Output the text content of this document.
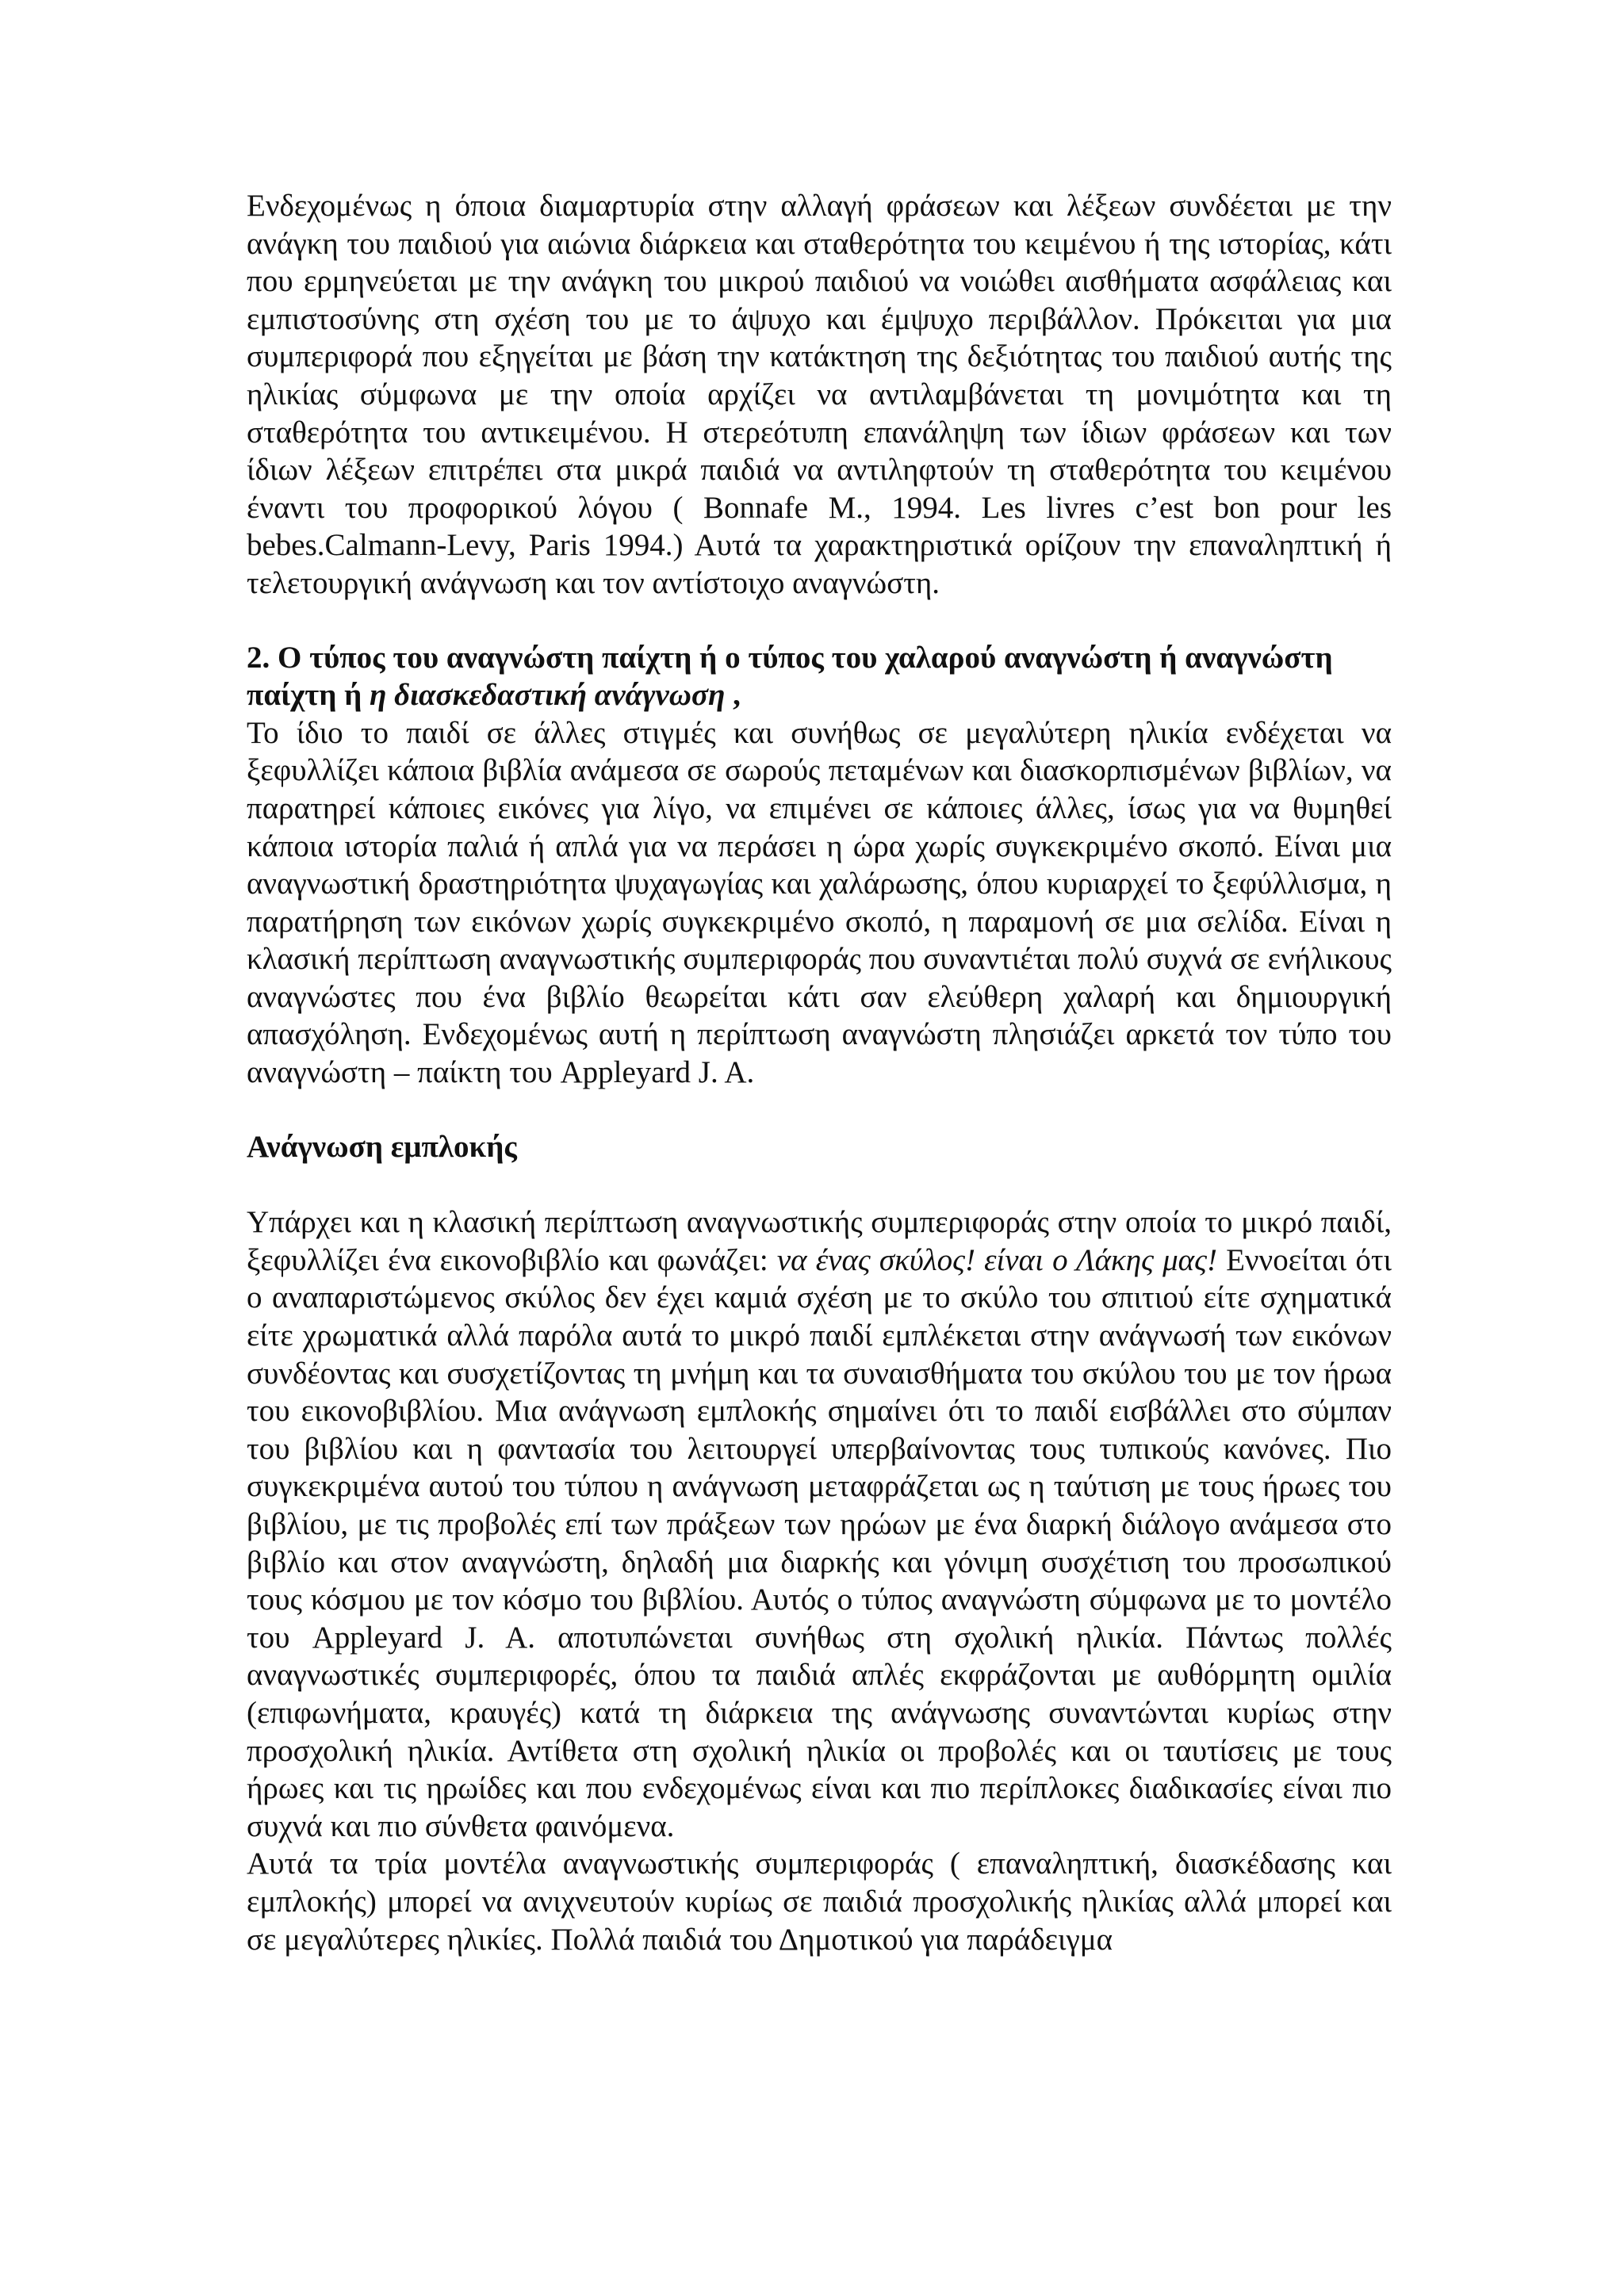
Ενδεχομένως η όποια διαμαρτυρία στην αλλαγή φράσεων και λέξεων συνδέεται με την ανάγκη του παιδιού για αιώνια διάρκεια και σταθερότητα του κειμένου ή της ιστορίας, κάτι που ερμηνεύεται με την ανάγκη του μικρού παιδιού να νοιώθει αισθήματα ασφάλειας και εμπιστοσύνης στη σχέση του με το άψυχο και έμψυχο περιβάλλον. Πρόκειται για μια συμπεριφορά που εξηγείται με βάση την κατάκτηση της δεξιότητας του παιδιού αυτής της ηλικίας σύμφωνα με την οποία αρχίζει να αντιλαμβάνεται τη μονιμότητα και τη σταθερότητα του αντικειμένου. Η στερεότυπη επανάληψη των ίδιων φράσεων και των ίδιων λέξεων επιτρέπει στα μικρά παιδιά να αντιληφτούν τη σταθερότητα του κειμένου έναντι του προφορικού λόγου ( Bonnafe M., 1994. Les livres c’est bon pour les bebes.Calmann-Levy, Paris 1994.) Αυτά τα χαρακτηριστικά ορίζουν την επαναληπτική ή τελετουργική ανάγνωση και τον αντίστοιχο αναγνώστη.

2. Ο τύπος του αναγνώστη παίχτη ή ο τύπος του χαλαρού αναγνώστη ή αναγνώστη παίχτη ή η διασκεδαστική ανάγνωση ,

Το ίδιο το παιδί σε άλλες στιγμές και συνήθως σε μεγαλύτερη ηλικία ενδέχεται να ξεφυλλίζει κάποια βιβλία ανάμεσα σε σωρούς πεταμένων και διασκορπισμένων βιβλίων, να παρατηρεί κάποιες εικόνες για λίγο, να επιμένει σε κάποιες άλλες, ίσως για να θυμηθεί κάποια ιστορία παλιά ή απλά για να περάσει η ώρα χωρίς συγκεκριμένο σκοπό. Είναι μια αναγνωστική δραστηριότητα ψυχαγωγίας και χαλάρωσης, όπου κυριαρχεί το ξεφύλλισμα, η παρατήρηση των εικόνων χωρίς συγκεκριμένο σκοπό, η παραμονή σε μια σελίδα. Είναι η κλασική περίπτωση αναγνωστικής συμπεριφοράς που συναντιέται πολύ συχνά σε ενήλικους αναγνώστες που ένα βιβλίο θεωρείται κάτι σαν ελεύθερη χαλαρή και δημιουργική απασχόληση. Ενδεχομένως αυτή η περίπτωση αναγνώστη πλησιάζει αρκετά τον τύπο του αναγνώστη – παίκτη του Appleyard J. A.

Ανάγνωση εμπλοκής

Υπάρχει και η κλασική περίπτωση αναγνωστικής συμπεριφοράς στην οποία το μικρό παιδί, ξεφυλλίζει ένα εικονοβιβλίο και φωνάζει: να ένας σκύλος! είναι ο Λάκης μας! Εννοείται ότι ο αναπαριστώμενος σκύλος δεν έχει καμιά σχέση με το σκύλο του σπιτιού είτε σχηματικά είτε χρωματικά αλλά παρόλα αυτά το μικρό παιδί εμπλέκεται στην ανάγνωσή των εικόνων συνδέοντας και συσχετίζοντας τη μνήμη και τα συναισθήματα του σκύλου του με τον ήρωα του εικονοβιβλίου. Μια ανάγνωση εμπλοκής σημαίνει ότι το παιδί εισβάλλει στο σύμπαν του βιβλίου και η φαντασία του λειτουργεί υπερβαίνοντας τους τυπικούς κανόνες. Πιο συγκεκριμένα αυτού του τύπου η ανάγνωση μεταφράζεται ως η ταύτιση με τους ήρωες του βιβλίου, με τις προβολές επί των πράξεων των ηρώων με ένα διαρκή διάλογο ανάμεσα στο βιβλίο και στον αναγνώστη, δηλαδή μια διαρκής και γόνιμη συσχέτιση του προσωπικού τους κόσμου με τον κόσμο του βιβλίου. Αυτός ο τύπος αναγνώστη σύμφωνα με το μοντέλο του Appleyard J. A. αποτυπώνεται συνήθως στη σχολική ηλικία. Πάντως πολλές αναγνωστικές συμπεριφορές, όπου τα παιδιά απλές εκφράζονται με αυθόρμητη ομιλία (επιφωνήματα, κραυγές) κατά τη διάρκεια της ανάγνωσης συναντώνται κυρίως στην προσχολική ηλικία. Αντίθετα στη σχολική ηλικία οι προβολές και οι ταυτίσεις με τους ήρωες και τις ηρωίδες και που ενδεχομένως είναι και πιο περίπλοκες διαδικασίες είναι πιο συχνά και πιο σύνθετα φαινόμενα.

Αυτά τα τρία μοντέλα αναγνωστικής συμπεριφοράς ( επαναληπτική, διασκέδασης και εμπλοκής) μπορεί να ανιχνευτούν κυρίως σε παιδιά προσχολικής ηλικίας αλλά μπορεί και σε μεγαλύτερες ηλικίες. Πολλά παιδιά του Δημοτικού για παράδειγμα
